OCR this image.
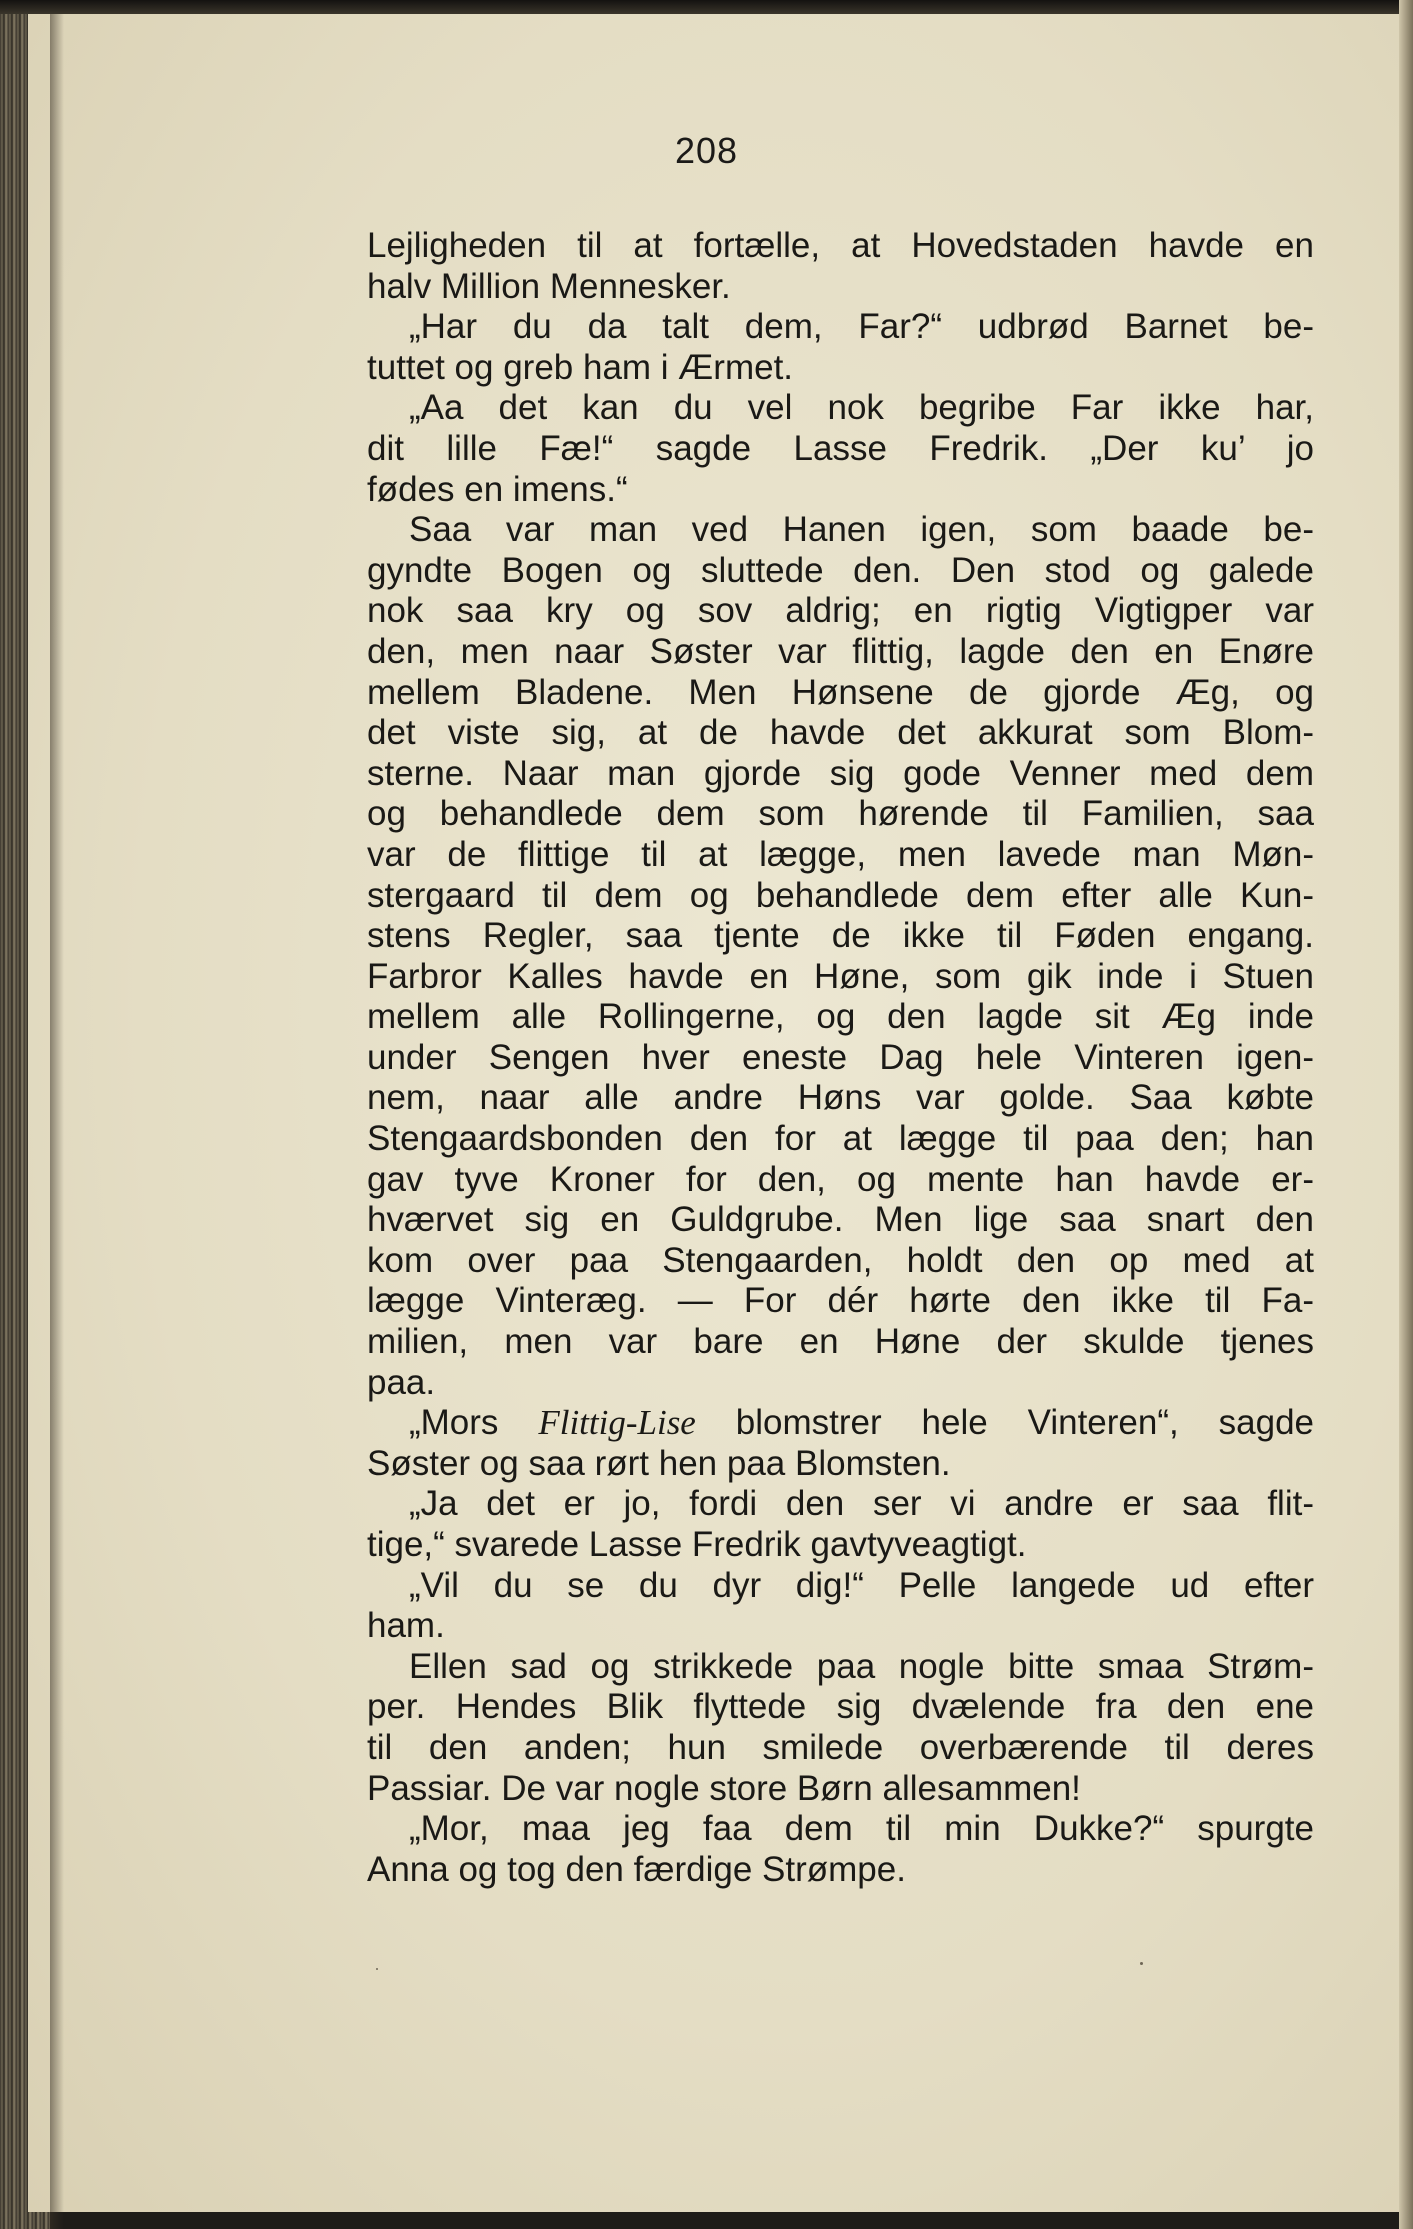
208
Lejligheden til at fortælle, at Hovedstaden havde en
halv Million Mennesker.
„Har du da talt dem, Far?“ udbrød Barnet be-
tuttet og greb ham i Ærmet.
„Aa det kan du vel nok begribe Far ikke har,
dit lille Fæ!“ sagde Lasse Fredrik. „Der ku’ jo
fødes en imens.“
Saa var man ved Hanen igen, som baade be-
gyndte Bogen og sluttede den. Den stod og galede
nok saa kry og sov aldrig; en rigtig Vigtigper var
den, men naar Søster var flittig, lagde den en Enøre
mellem Bladene. Men Hønsene de gjorde Æg, og
det viste sig, at de havde det akkurat som Blom-
sterne. Naar man gjorde sig gode Venner med dem
og behandlede dem som hørende til Familien, saa
var de flittige til at lægge, men lavede man Møn-
stergaard til dem og behandlede dem efter alle Kun-
stens Regler, saa tjente de ikke til Føden engang.
Farbror Kalles havde en Høne, som gik inde i Stuen
mellem alle Rollingerne, og den lagde sit Æg inde
under Sengen hver eneste Dag hele Vinteren igen-
nem, naar alle andre Høns var golde. Saa købte
Stengaardsbonden den for at lægge til paa den; han
gav tyve Kroner for den, og mente han havde er-
hværvet sig en Guldgrube. Men lige saa snart den
kom over paa Stengaarden, holdt den op med at
lægge Vinteræg. — For dér hørte den ikke til Fa-
milien, men var bare en Høne der skulde tjenes
paa.
„Mors Flittig-Lise blomstrer hele Vinteren“, sagde
Søster og saa rørt hen paa Blomsten.
„Ja det er jo, fordi den ser vi andre er saa flit-
tige,“ svarede Lasse Fredrik gavtyveagtigt.
„Vil du se du dyr dig!“ Pelle langede ud efter
ham.
Ellen sad og strikkede paa nogle bitte smaa Strøm-
per. Hendes Blik flyttede sig dvælende fra den ene
til den anden; hun smilede overbærende til deres
Passiar. De var nogle store Børn allesammen!
„Mor, maa jeg faa dem til min Dukke?“ spurgte
Anna og tog den færdige Strømpe.
